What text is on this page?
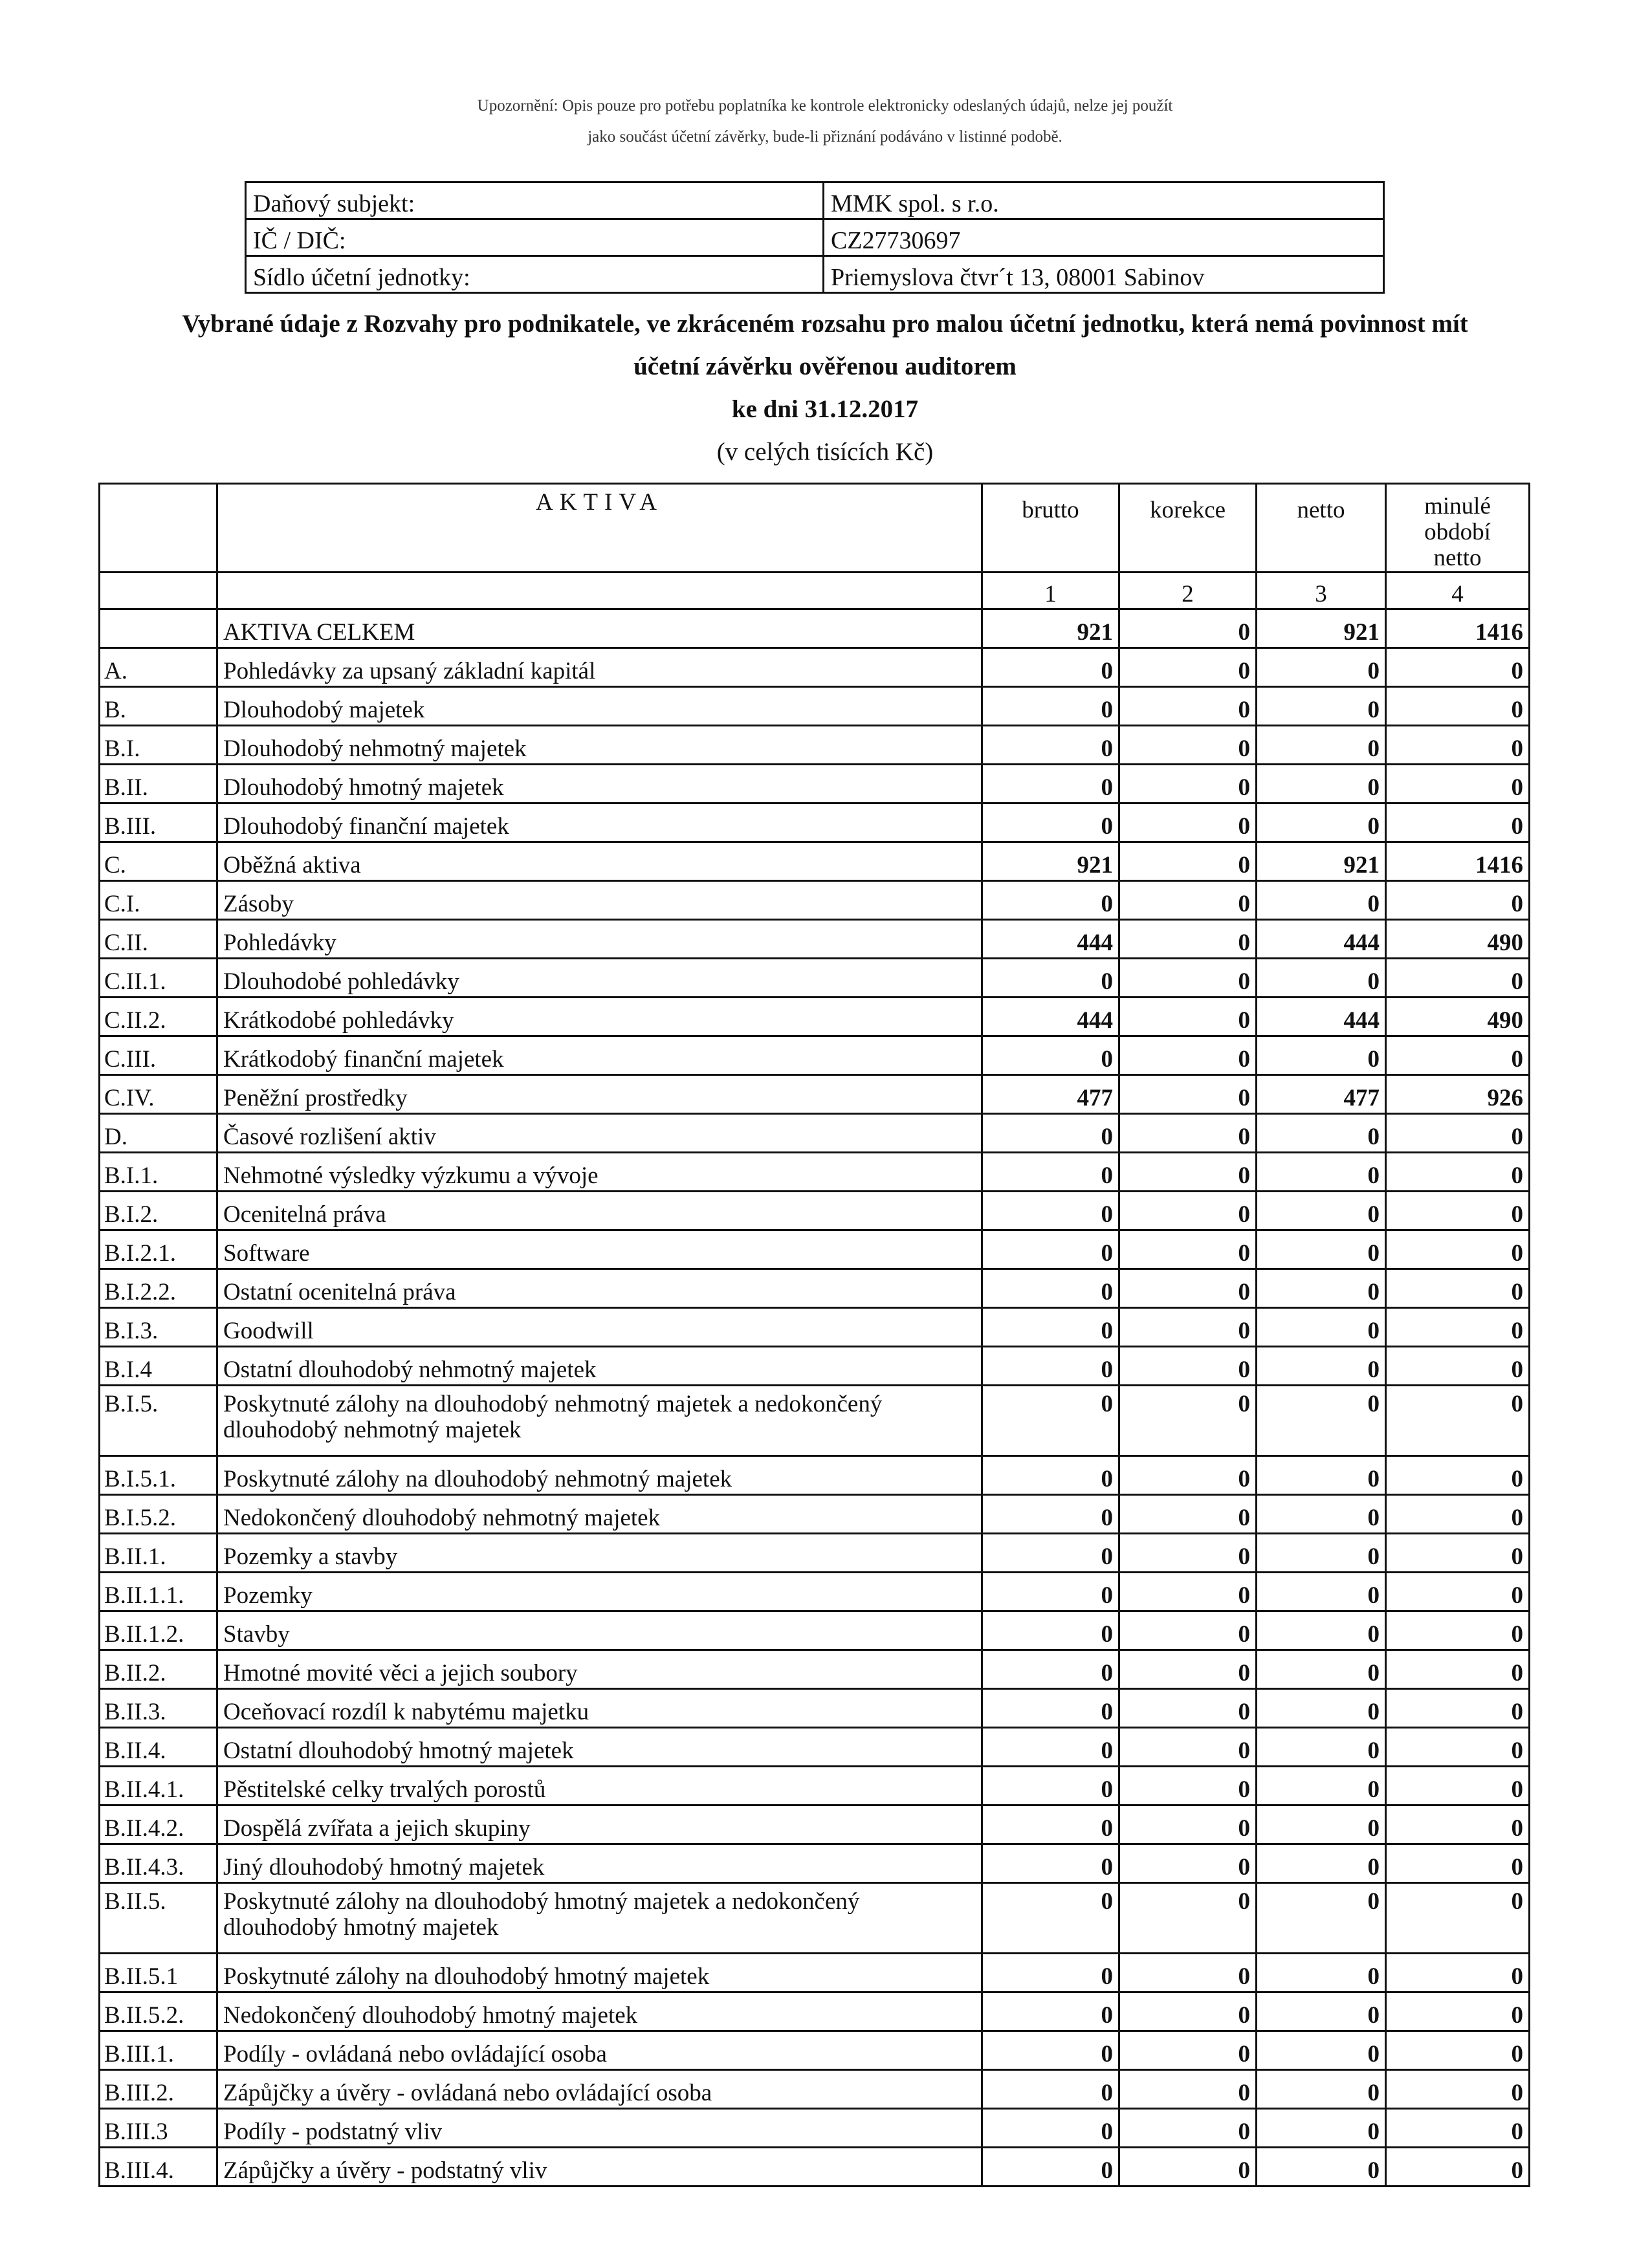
Upozornění: Opis pouze pro potřebu poplatníka ke kontrole elektronicky odeslaných údajů, nelze jej použít
jako součást účetní závěrky, bude-li přiznání podáváno v listinné podobě.
Daňový subjekt:	MMK spol. s r.o.
IČ / DIČ:	CZ27730697
Sídlo účetní jednotky:	Priemyslova čtvr´t 13, 08001 Sabinov
Vybrané údaje z Rozvahy pro podnikatele, ve zkráceném rozsahu pro malou účetní jednotku, která nemá povinnost mít
účetní závěrku ověřenou auditorem
ke dni 31.12.2017
(v celých tisících Kč)
	AKTIVA	brutto	korekce	netto	minulé
období
netto
		1	2	3	4
	AKTIVA CELKEM	921	0	921	1416
A.	Pohledávky za upsaný základní kapitál	0	0	0	0
B.	Dlouhodobý majetek	0	0	0	0
B.I.	Dlouhodobý nehmotný majetek	0	0	0	0
B.II.	Dlouhodobý hmotný majetek	0	0	0	0
B.III.	Dlouhodobý finanční majetek	0	0	0	0
C.	Oběžná aktiva	921	0	921	1416
C.I.	Zásoby	0	0	0	0
C.II.	Pohledávky	444	0	444	490
C.II.1.	Dlouhodobé pohledávky	0	0	0	0
C.II.2.	Krátkodobé pohledávky	444	0	444	490
C.III.	Krátkodobý finanční majetek	0	0	0	0
C.IV.	Peněžní prostředky	477	0	477	926
D.	Časové rozlišení aktiv	0	0	0	0
B.I.1.	Nehmotné výsledky výzkumu a vývoje	0	0	0	0
B.I.2.	Ocenitelná práva	0	0	0	0
B.I.2.1.	Software	0	0	0	0
B.I.2.2.	Ostatní ocenitelná práva	0	0	0	0
B.I.3.	Goodwill	0	0	0	0
B.I.4	Ostatní dlouhodobý nehmotný majetek	0	0	0	0
B.I.5.	Poskytnuté zálohy na dlouhodobý nehmotný majetek a nedokončený dlouhodobý nehmotný majetek	0	0	0	0
B.I.5.1.	Poskytnuté zálohy na dlouhodobý nehmotný majetek	0	0	0	0
B.I.5.2.	Nedokončený dlouhodobý nehmotný majetek	0	0	0	0
B.II.1.	Pozemky a stavby	0	0	0	0
B.II.1.1.	Pozemky	0	0	0	0
B.II.1.2.	Stavby	0	0	0	0
B.II.2.	Hmotné movité věci a jejich soubory	0	0	0	0
B.II.3.	Oceňovací rozdíl k nabytému majetku	0	0	0	0
B.II.4.	Ostatní dlouhodobý hmotný majetek	0	0	0	0
B.II.4.1.	Pěstitelské celky trvalých porostů	0	0	0	0
B.II.4.2.	Dospělá zvířata a jejich skupiny	0	0	0	0
B.II.4.3.	Jiný dlouhodobý hmotný majetek	0	0	0	0
B.II.5.	Poskytnuté zálohy na dlouhodobý hmotný majetek a nedokončený dlouhodobý hmotný majetek	0	0	0	0
B.II.5.1	Poskytnuté zálohy na dlouhodobý hmotný majetek	0	0	0	0
B.II.5.2.	Nedokončený dlouhodobý hmotný majetek	0	0	0	0
B.III.1.	Podíly - ovládaná nebo ovládající osoba	0	0	0	0
B.III.2.	Zápůjčky a úvěry - ovládaná nebo ovládající osoba	0	0	0	0
B.III.3	Podíly - podstatný vliv	0	0	0	0
B.III.4.	Zápůjčky a úvěry - podstatný vliv	0	0	0	0
